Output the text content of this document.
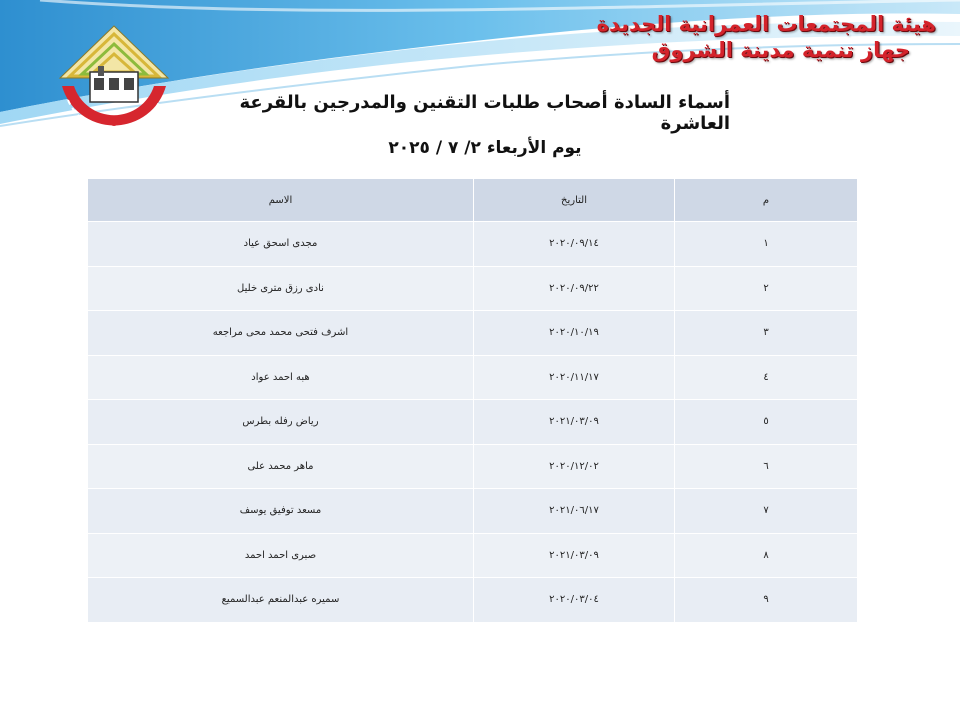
هيئة المجتمعات العمرانية الجديدة
جهاز تنمية مدينة الشروق
أسماء السادة أصحاب طلبات التقنين والمدرجين بالقرعة العاشرة
يوم الأربعاء ٢/ ٧ / ٢٠٢٥
م	التاريخ	الاسم
١	٢٠٢٠/٠٩/١٤	مجدى اسحق عياد
٢	٢٠٢٠/٠٩/٢٢	نادى رزق مترى خليل
٣	٢٠٢٠/١٠/١٩	اشرف فتحى محمد محى مراجعه
٤	٢٠٢٠/١١/١٧	هبه احمد عواد
٥	٢٠٢١/٠٣/٠٩	رياض رفله بطرس
٦	٢٠٢٠/١٢/٠٢	ماهر محمد على
٧	٢٠٢١/٠٦/١٧	مسعد توفيق يوسف
٨	٢٠٢١/٠٣/٠٩	صبرى احمد احمد
٩	٢٠٢٠/٠٣/٠٤	سميره عبدالمنعم عبدالسميع
